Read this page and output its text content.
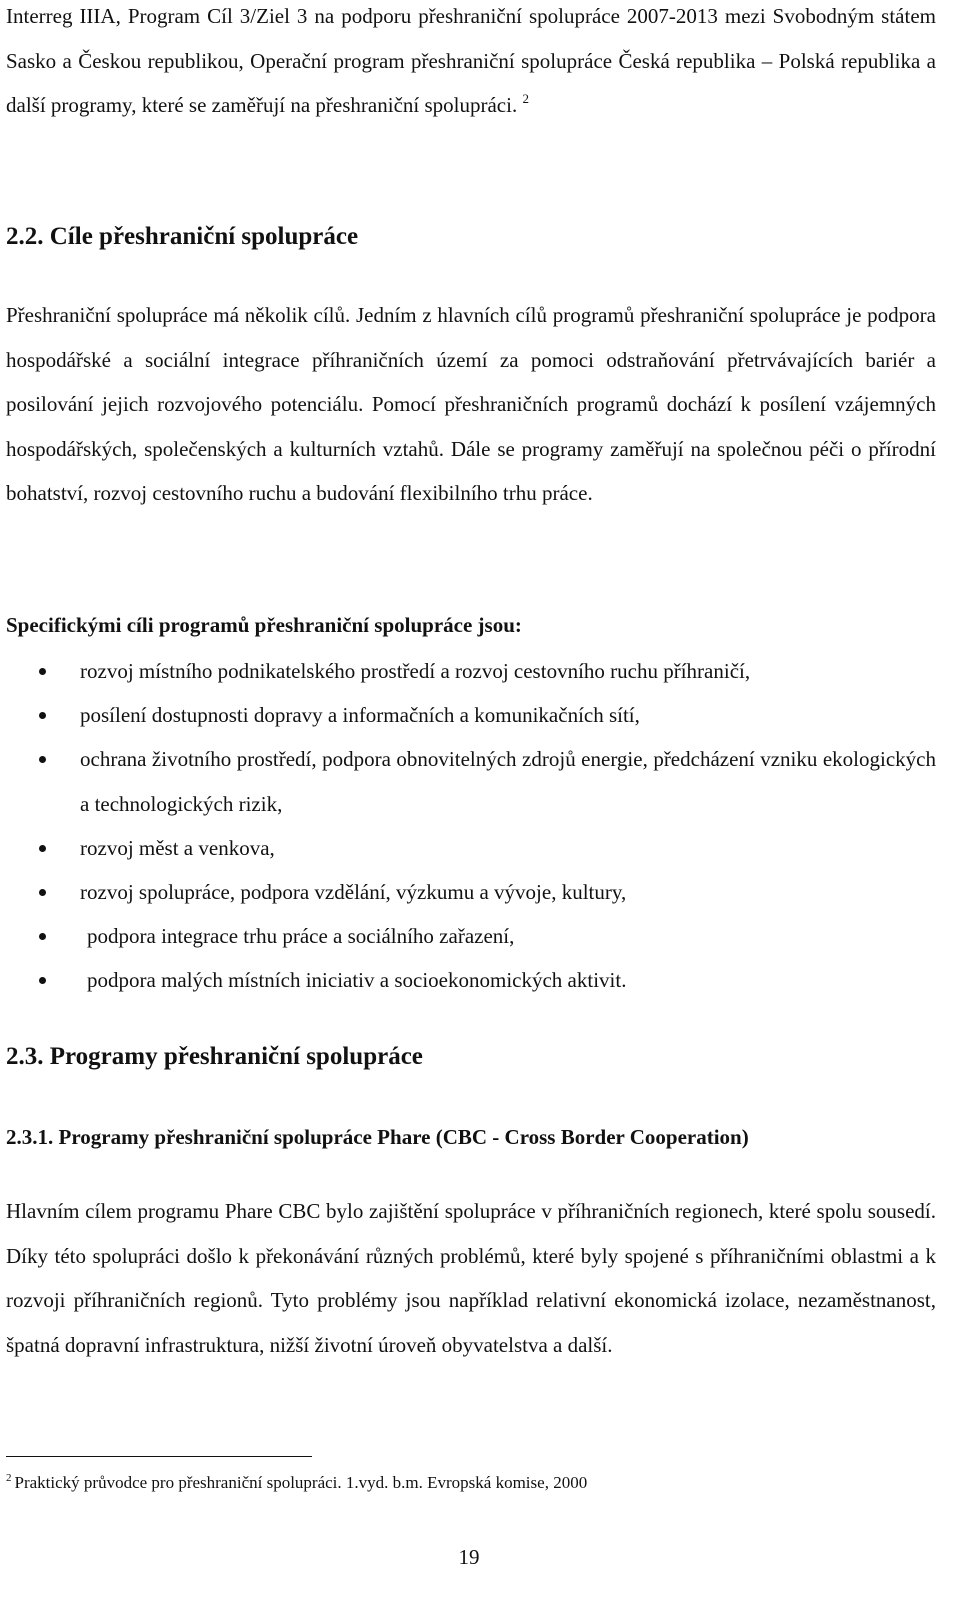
Interreg IIIA, Program Cíl 3/Ziel 3 na podporu přeshraniční spolupráce 2007-2013 mezi Svobodným státem Sasko a Českou republikou, Operační program přeshraniční spolupráce Česká republika – Polská republika a další programy, které se zaměřují na přeshraniční spolupráci. $^2$

2.2. Cíle přeshraniční spolupráce

Přeshraniční spolupráce má několik cílů. Jedním z hlavních cílů programů přeshraniční spolupráce je podpora hospodářské a sociální integrace příhraničních území za pomoci odstraňování přetrvávajících bariér a posilování jejich rozvojového potenciálu. Pomocí přeshraničních programů dochází k posílení vzájemných hospodářských, společenských a kulturních vztahů. Dále se programy zaměřují na společnou péči o přírodní bohatství, rozvoj cestovního ruchu a budování flexibilního trhu práce.

Specifickými cíli programů přeshraniční spolupráce jsou:
rozvoj místního podnikatelského prostředí a rozvoj cestovního ruchu příhraničí,
posílení dostupnosti dopravy a informačních a komunikačních sítí,
ochrana životního prostředí, podpora obnovitelných zdrojů energie, předcházení vzniku ekologických a technologických rizik,
rozvoj měst a venkova,
rozvoj spolupráce, podpora vzdělání, výzkumu a vývoje, kultury,
podpora integrace trhu práce a sociálního zařazení,
podpora malých místních iniciativ a socioekonomických aktivit.
2.3. Programy přeshraniční spolupráce
2.3.1. Programy přeshraniční spolupráce Phare (CBC - Cross Border Cooperation)

Hlavním cílem programu Phare CBC bylo zajištění spolupráce v příhraničních regionech, které spolu sousedí. Díky této spolupráci došlo k překonávání různých problémů, které byly spojené s příhraničními oblastmi a k rozvoji příhraničních regionů. Tyto problémy jsou například relativní ekonomická izolace, nezaměstnanost, špatná dopravní infrastruktura, nižší životní úroveň obyvatelstva a další.

$^2$ Praktický průvodce pro přeshraniční spolupráci. 1.vyd. b.m. Evropská komise, 2000

19
